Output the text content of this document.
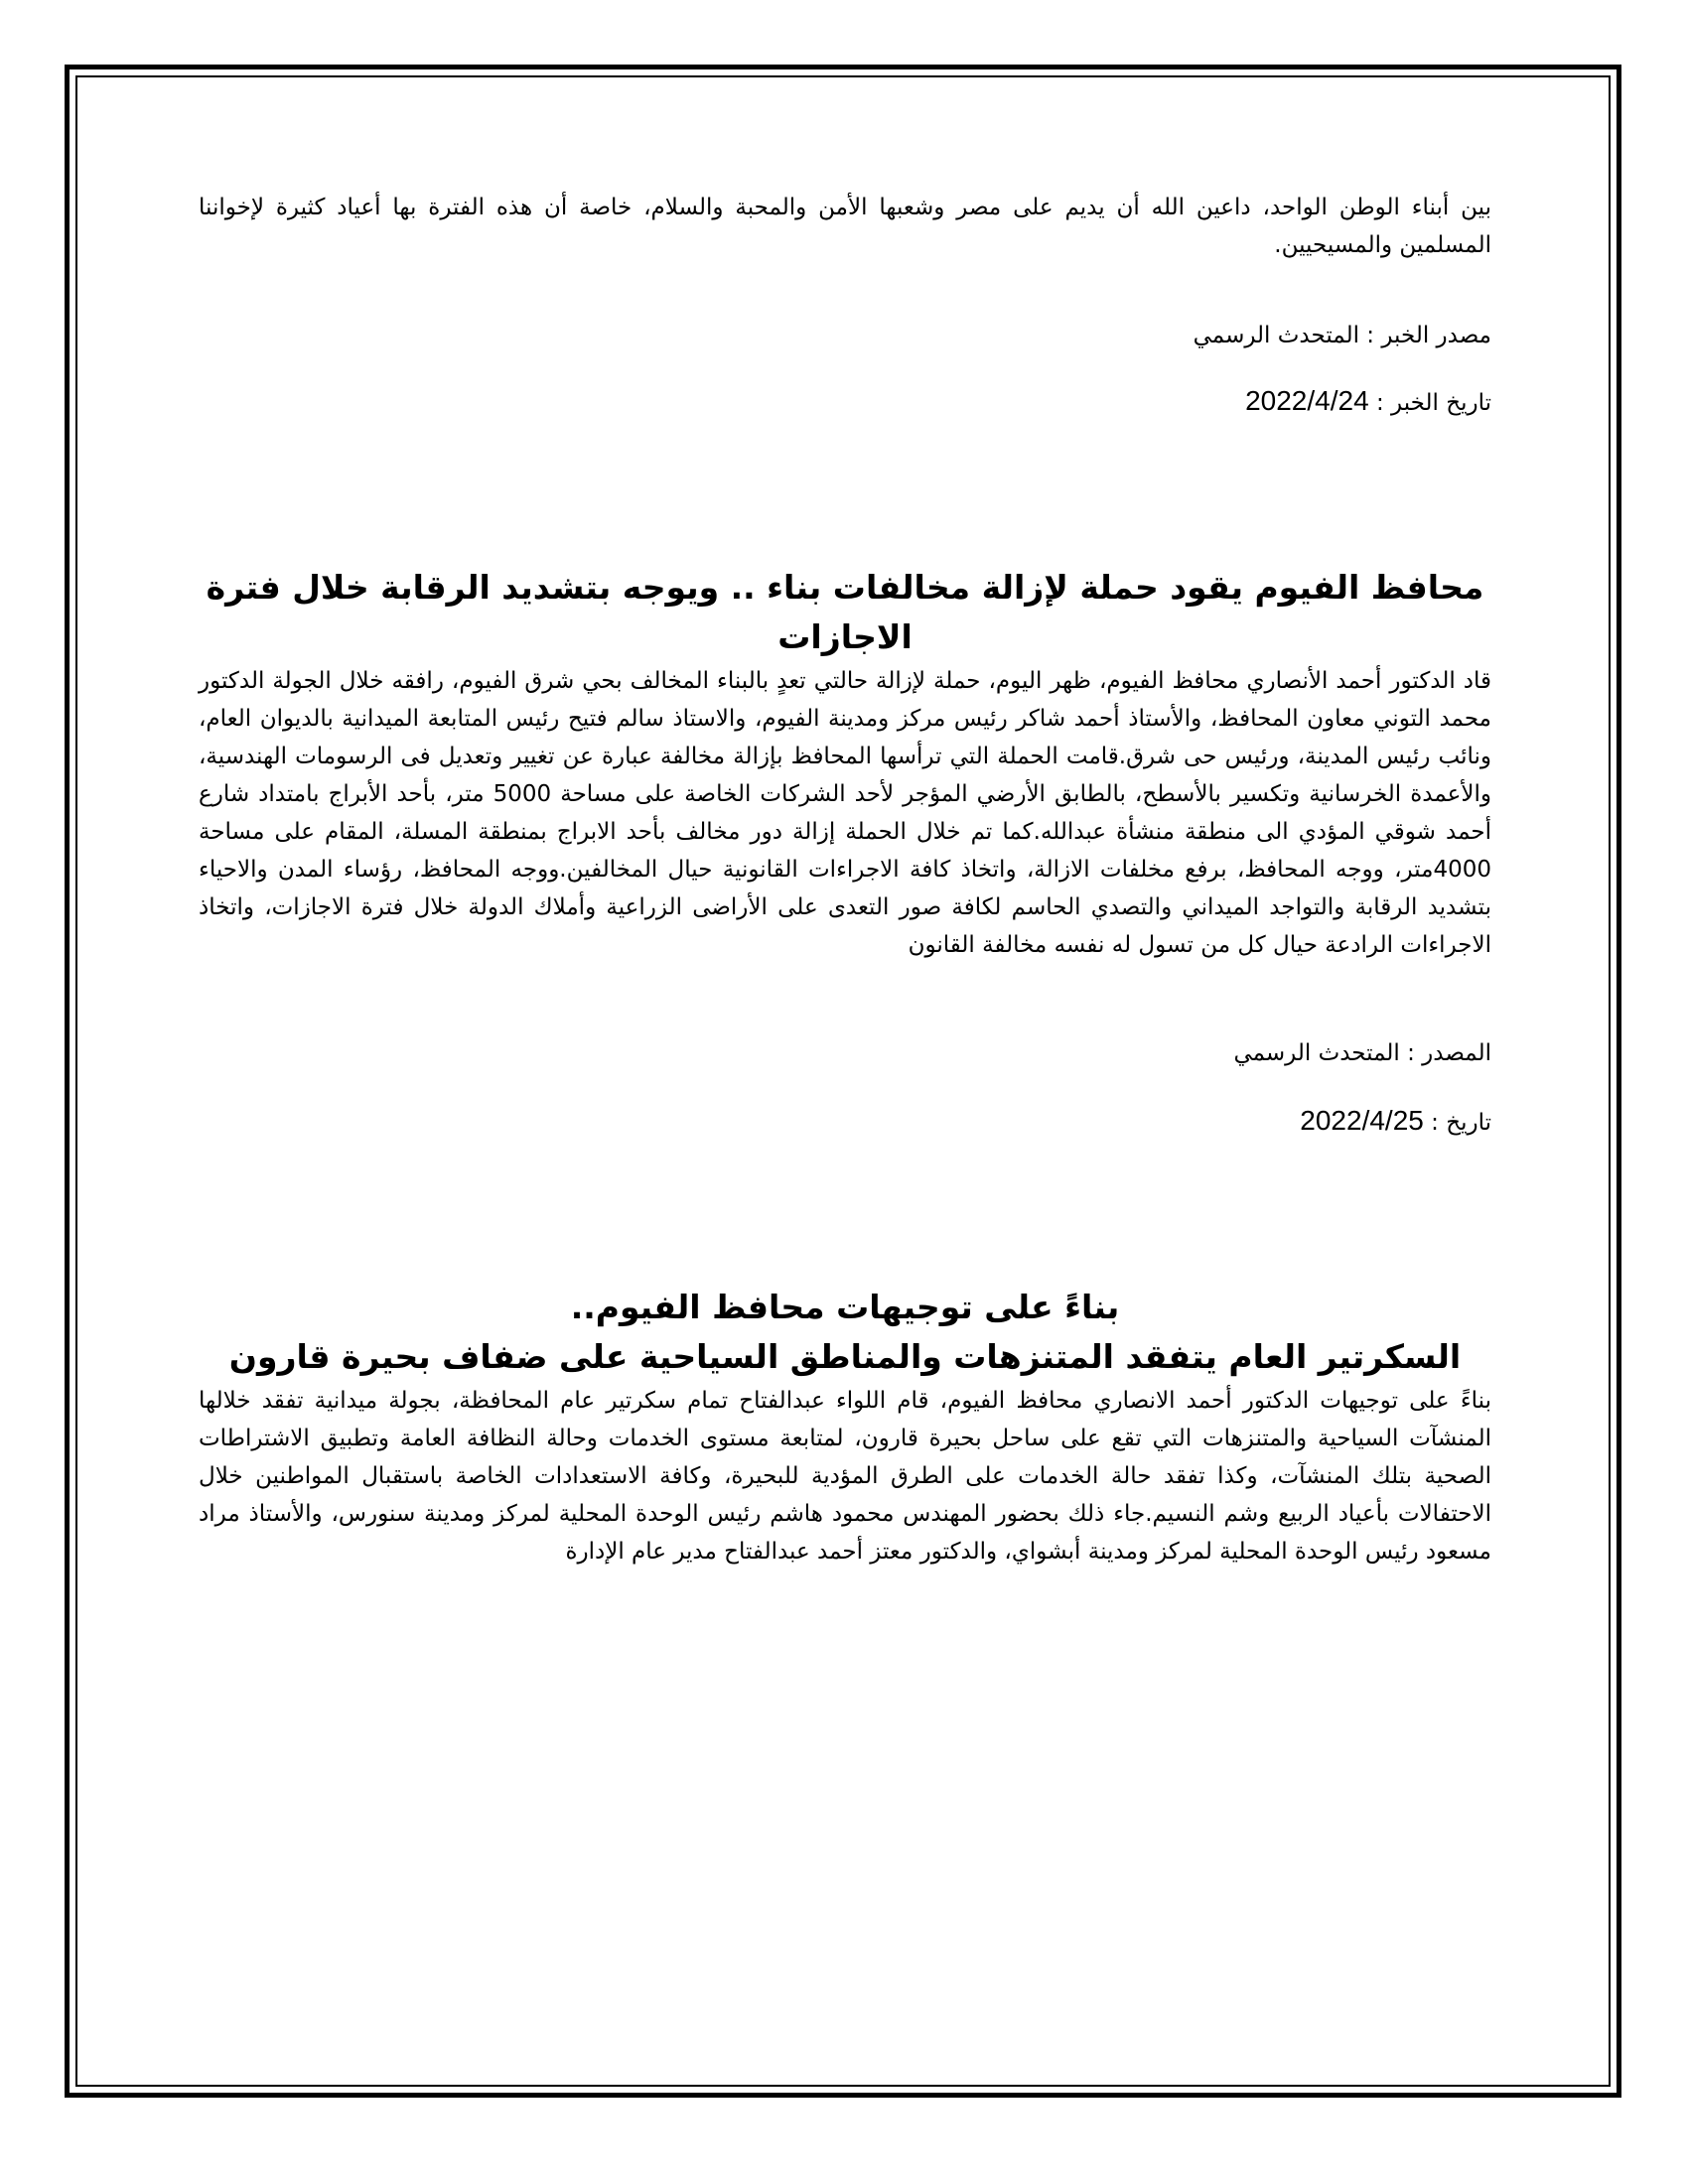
بين أبناء الوطن الواحد، داعين الله أن يديم على مصر وشعبها الأمن والمحبة والسلام، خاصة أن هذه الفترة بها أعياد كثيرة لإخواننا المسلمين والمسيحيين.

مصدر الخبر : المتحدث الرسمي

تاريخ الخبر : 2022/4/24

محافظ الفيوم يقود حملة لإزالة مخالفات بناء .. ويوجه بتشديد الرقابة خلال فترة الاجازات

قاد الدكتور أحمد الأنصاري محافظ الفيوم، ظهر اليوم، حملة لإزالة حالتي تعدٍ بالبناء المخالف بحي شرق الفيوم، رافقه خلال الجولة الدكتور محمد التوني معاون المحافظ، والأستاذ أحمد شاكر رئيس مركز ومدينة الفيوم، والاستاذ سالم فتيح رئيس المتابعة الميدانية بالديوان العام، ونائب رئيس المدينة، ورئيس حى شرق.قامت الحملة التي ترأسها المحافظ بإزالة مخالفة عبارة عن تغيير وتعديل فى الرسومات الهندسية، والأعمدة الخرسانية وتكسير بالأسطح، بالطابق الأرضي المؤجر لأحد الشركات الخاصة على مساحة 5000 متر، بأحد الأبراج بامتداد شارع أحمد شوقي المؤدي الى منطقة منشأة عبدالله.كما تم خلال الحملة إزالة دور مخالف بأحد الابراج بمنطقة المسلة، المقام على مساحة 4000متر، ووجه المحافظ، برفع مخلفات الازالة، واتخاذ كافة الاجراءات القانونية حيال المخالفين.ووجه المحافظ، رؤساء المدن والاحياء بتشديد الرقابة والتواجد الميداني والتصدي الحاسم لكافة صور التعدى على الأراضى الزراعية وأملاك الدولة خلال فترة الاجازات، واتخاذ الاجراءات الرادعة حيال كل من تسول له نفسه مخالفة القانون

المصدر : المتحدث الرسمي

تاريخ : 2022/4/25

بناءً على توجيهات محافظ الفيوم..
السكرتير العام يتفقد المتنزهات والمناطق السياحية على ضفاف بحيرة قارون

بناءً على توجيهات الدكتور أحمد الانصاري محافظ الفيوم، قام اللواء عبدالفتاح تمام سكرتير عام المحافظة، بجولة ميدانية تفقد خلالها المنشآت السياحية والمتنزهات التي تقع على ساحل بحيرة قارون، لمتابعة مستوى الخدمات وحالة النظافة العامة وتطبيق الاشتراطات الصحية بتلك المنشآت، وكذا تفقد حالة الخدمات على الطرق المؤدية للبحيرة، وكافة الاستعدادات الخاصة باستقبال المواطنين خلال الاحتفالات بأعياد الربيع وشم النسيم.جاء ذلك بحضور المهندس محمود هاشم رئيس الوحدة المحلية لمركز ومدينة سنورس، والأستاذ مراد مسعود رئيس الوحدة المحلية لمركز ومدينة أبشواي، والدكتور معتز أحمد عبدالفتاح مدير عام الإدارة
